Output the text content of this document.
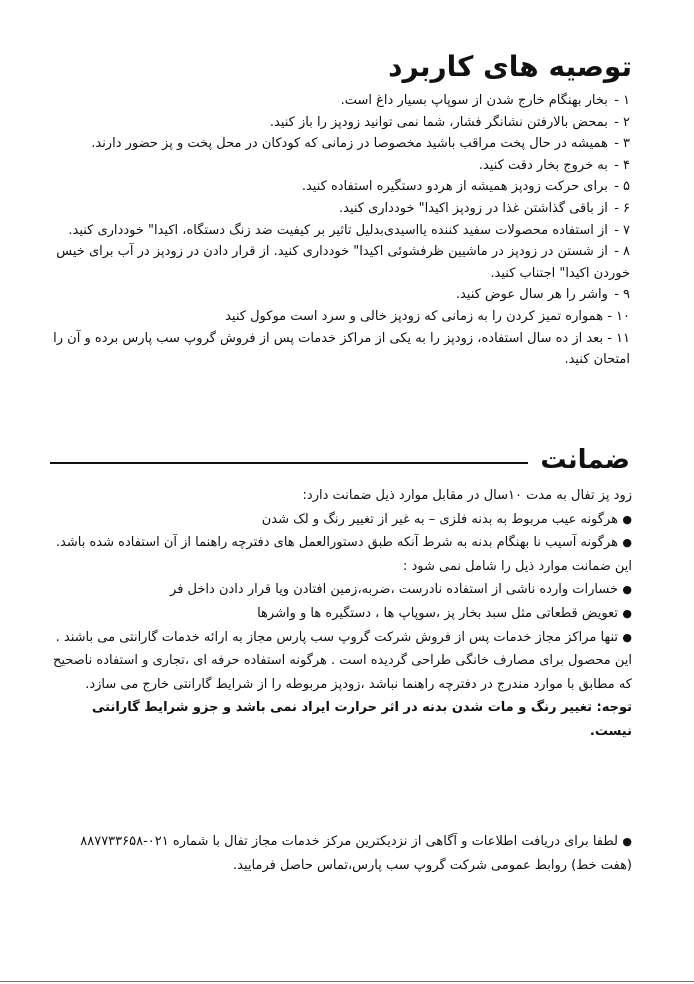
توصیه های کاربرد
۱ - بخار بهنگام خارج شدن از سوپاپ بسیار داغ است.
۲ - بمحض بالارفتن نشانگر فشار، شما نمی توانید زودپز را باز کنید.
۳ - همیشه در حال پخت مراقب باشید مخصوصا در زمانی که کودکان در محل پخت و پز حضور دارند.
۴ - به خروج بخار دقت کنید.
۵ - برای حرکت زودپز همیشه از هردو دستگیره استفاده کنید.
۶ - از باقی گذاشتن غذا در زودپز اکیدا" خودداری کنید.
۷ - از استفاده محصولات سفید کننده یااسیدی‌بدلیل تاثیر بر کیفیت ضد زنگ دستگاه، اکیدا" خودداری کنید.
۸ - از شستن در زودپز در ماشیین ظرفشوئی اکیدا" خودداری کنید. از قرار دادن در زودپز در آب برای خیس خوردن اکیدا" اجتناب کنید.
۹ - واشر را هر سال عوض کنید.
۱۰ - همواره تمیز کردن را به زمانی که زودپز خالی و سرد است موکول کنید
۱۱ - بعد از ده سال استفاده، زودپز را به یکی از مراکز خدمات پس از فروش گروپ سب پارس برده و آن را امتحان کنید.
ضمانت

زود پز تفال به مدت ۱۰سال در مقابل موارد ذیل ضمانت دارد:

●هرگونه عیب مربوط به بدنه فلزی – به غیر از تغییر رنگ و لک شدن

●هرگونه آسیب نا بهنگام بدنه به شرط آنکه طبق دستورالعمل های دفترچه راهنما از آن استفاده شده باشد. این ضمانت موارد ذیل را شامل نمی شود :

●خسارات وارده ناشی از استفاده نادرست ،ضربه،زمین افتادن ویا قرار دادن داخل فر

●تعویض قطعاتی مثل سبد بخار پز ،سوپاپ ها ، دستگیره ها و واشرها

●تنها مراکز مجاز خدمات پس از فروش شرکت گروپ سب پارس مجاز به ارائه خدمات گارانتی می باشند . این محصول برای مصارف خانگی طراحی گردیده است . هرگونه استفاده حرفه ای ،تجاری و استفاده ناصحیح که مطابق با موارد مندرج در دفترچه راهنما نباشد ،زودپز مربوطه را از شرایط گارانتی خارج می سازد.

توجه: تغییر رنگ و مات شدن بدنه در اثر حرارت ایراد نمی باشد و جزو شرایط گارانتی نیست.

●لطفا برای دریافت اطلاعات و آگاهی از نزدیکترین مرکز خدمات مجاز تفال با شماره ۰۲۱-۸۸۷۷۳۳۶۵۸ (هفت خط) روابط عمومی شرکت گروپ سب پارس،تماس حاصل فرمایید.
